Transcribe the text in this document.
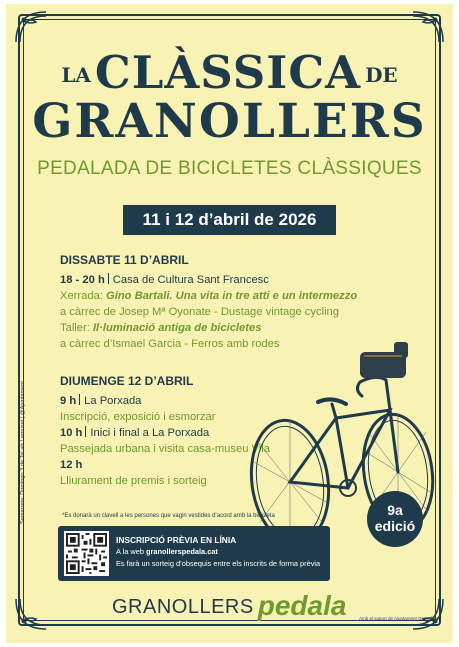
LACLÀSSICA DE
GRANOLLERS
PEDALADA DE BICICLETES CLÀSSIQUES
11 i 12 d’abril de 2026
DISSABTE 11 D’ABRIL
18 - 20 h Casa de Cultura Sant Francesc
Xerrada: Gino Bartali. Una vita in tre atti e un intermezzo
a càrrec de Josep Mª Oyonate - Dustage vintage cycling
Taller: Il·luminació antiga de bicicletes
a càrrec d’Ismael Garcia - Ferros amb rodes
DIUMENGE 12 D’ABRIL
9 h La Porxada
Inscripció, exposició i esmorzar
10 h Inici i final a La Porxada
Passejada urbana i visita casa-museu Vila
12 h
Lliurament de premis i sorteig
Samarreta: Domingo 3 de Tal als Lemuset | @Ajuntament	9a
edició
*Es donarà un clavell a les persones que vagin vestides d’acord amb la bicicleta
INSCRIPCIÓ PRÈVIA EN LÍNIA
A la web granollerspedala.cat
Es farà un sorteig d’obsequis entre els inscrits de forma prèvia
GRANOLLERS pedala	Amb el suport de Ajuntament Granollers
